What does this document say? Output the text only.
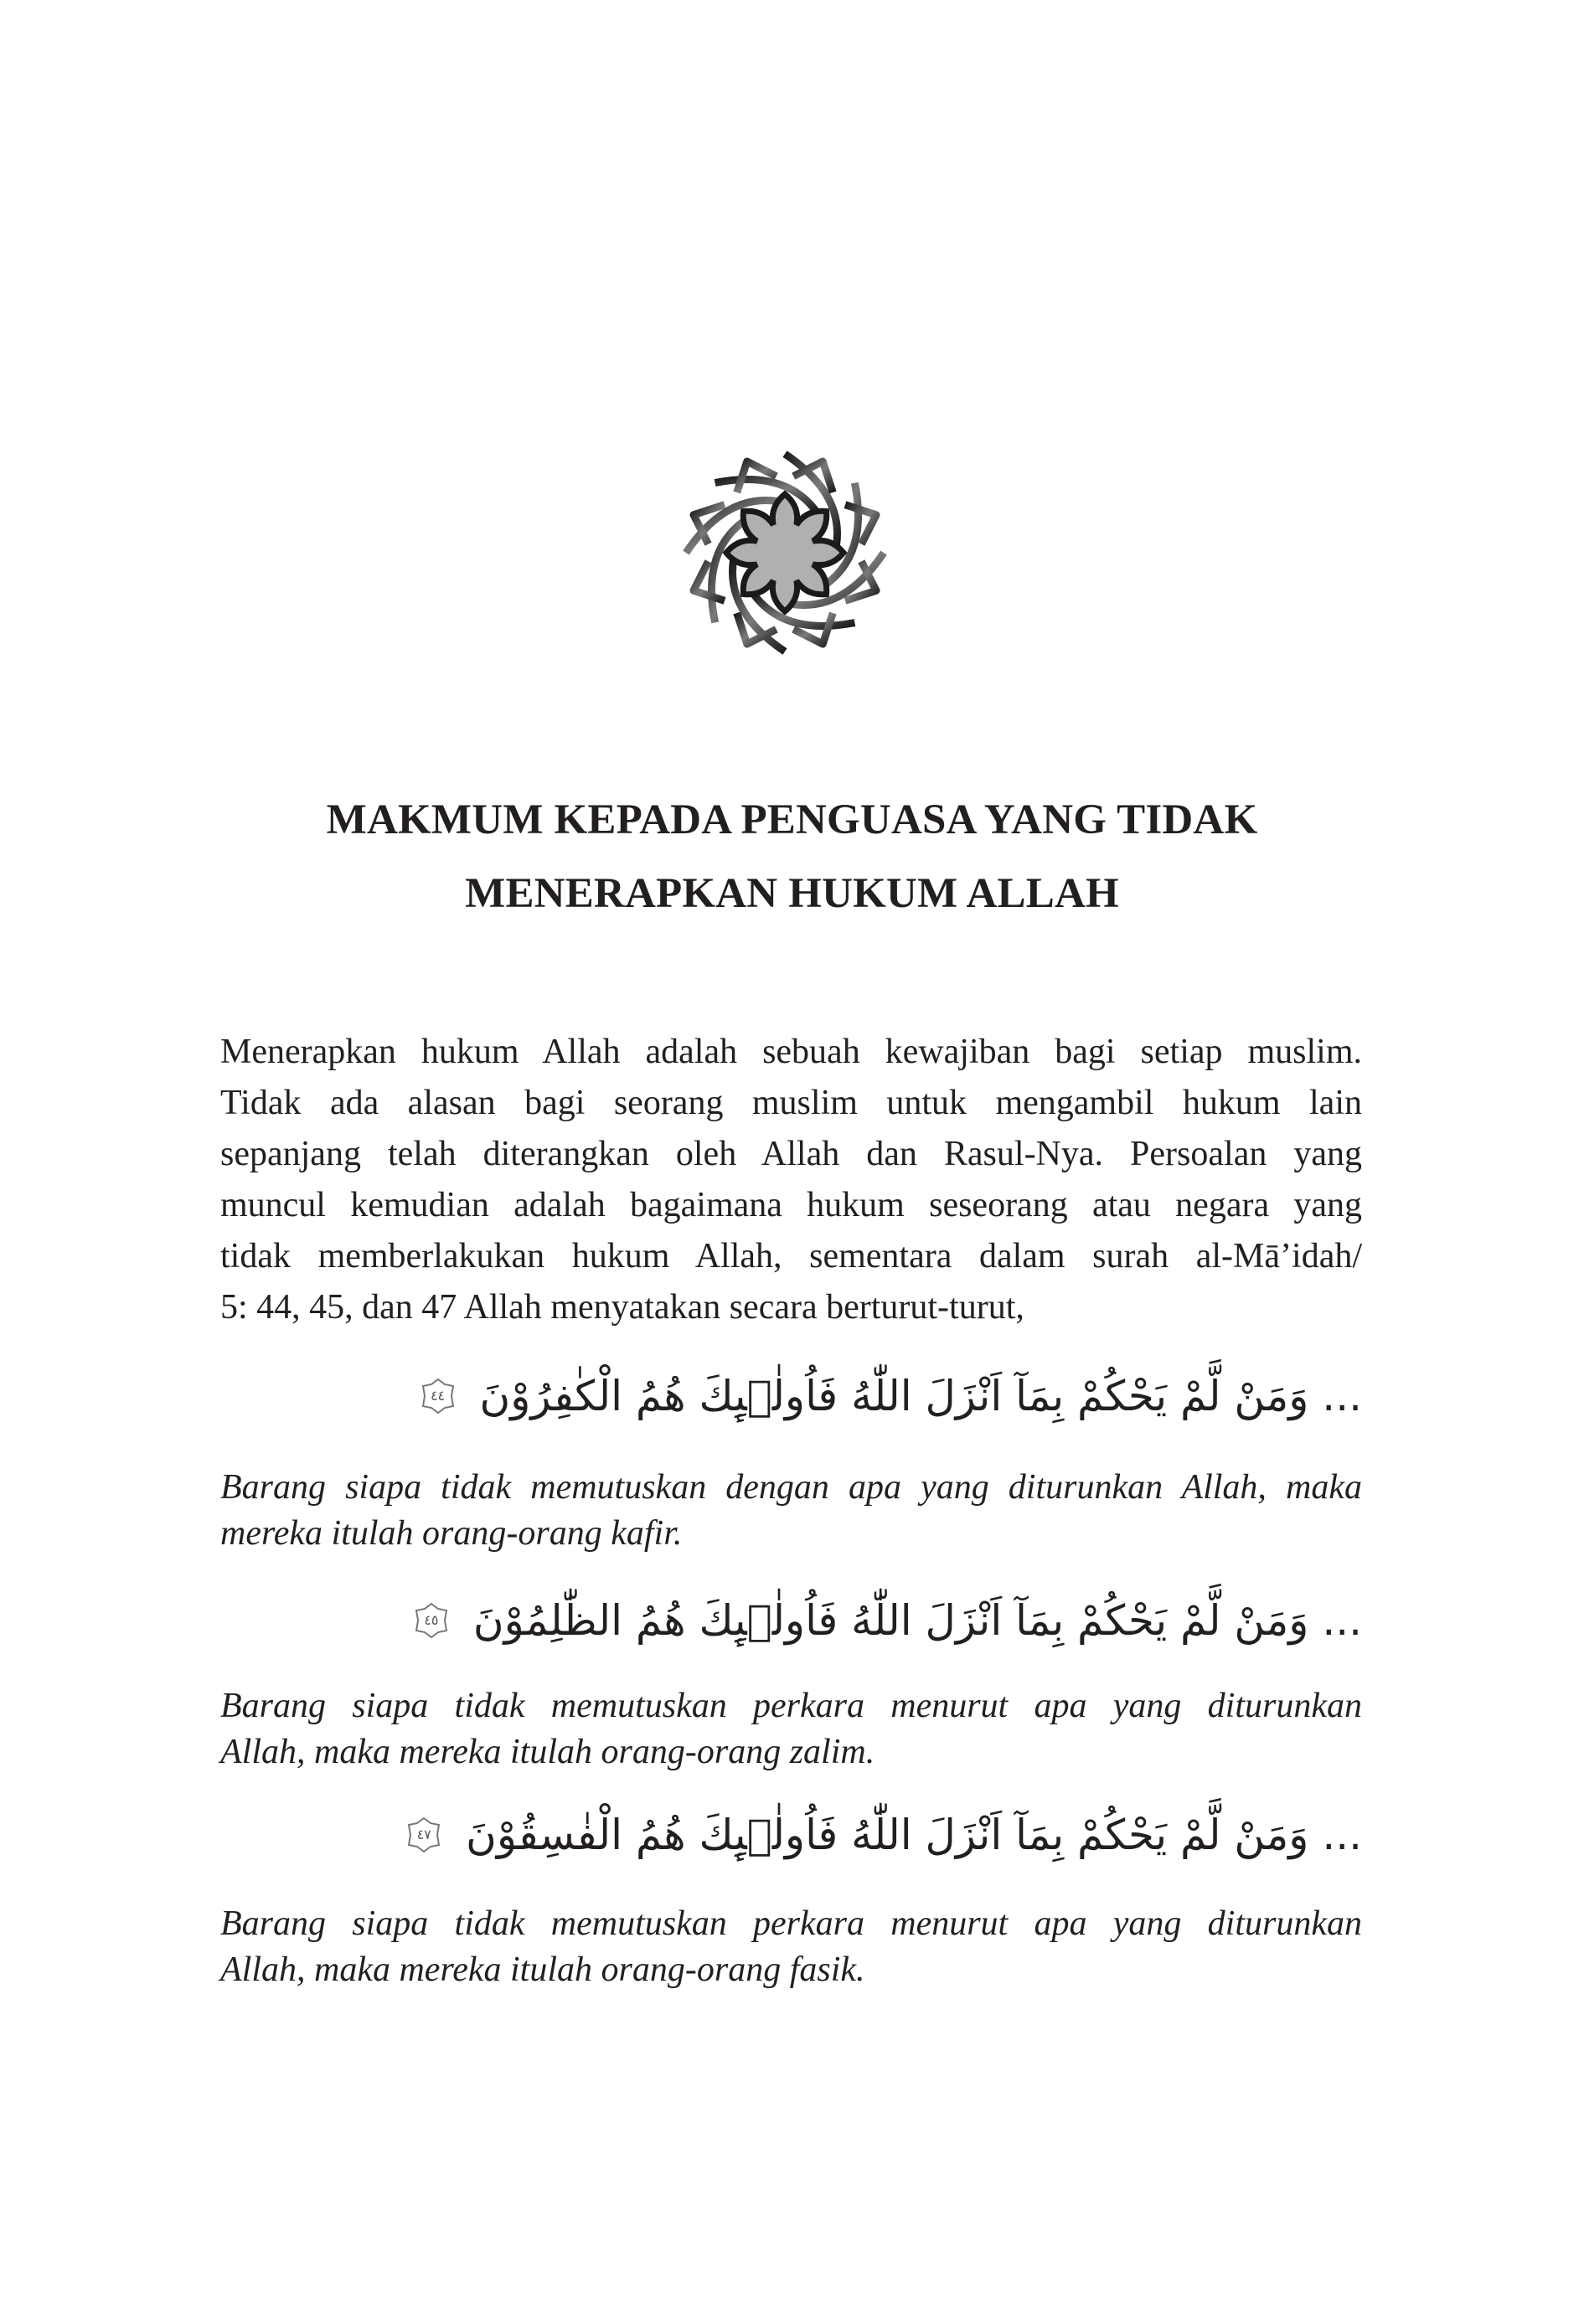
MAKMUM KEPADA PENGUASA YANG TIDAK
MENERAPKAN HUKUM ALLAH
Menerapkan hukum Allah adalah sebuah kewajiban bagi setiap muslim.
Tidak ada alasan bagi seorang muslim untuk mengambil hukum lain
sepanjang telah diterangkan oleh Allah dan Rasul-Nya. Persoalan yang
muncul kemudian adalah bagaimana hukum seseorang atau negara yang
tidak memberlakukan hukum Allah, sementara dalam surah al-Mā’idah/
5: 44, 45, dan 47 Allah menyatakan secara berturut-turut,
... وَمَنْ لَّمْ يَحْكُمْ بِمَآ اَنْزَلَ اللّٰهُ فَاُولٰۤىِٕكَ هُمُ الْكٰفِرُوْنَ
٤٤
Barang siapa tidak memutuskan dengan apa yang diturunkan Allah, maka
mereka itulah orang-orang kafir.
... وَمَنْ لَّمْ يَحْكُمْ بِمَآ اَنْزَلَ اللّٰهُ فَاُولٰۤىِٕكَ هُمُ الظّٰلِمُوْنَ
٤٥
Barang siapa tidak memutuskan perkara menurut apa yang diturunkan
Allah, maka mereka itulah orang-orang zalim.
... وَمَنْ لَّمْ يَحْكُمْ بِمَآ اَنْزَلَ اللّٰهُ فَاُولٰۤىِٕكَ هُمُ الْفٰسِقُوْنَ
٤٧
Barang siapa tidak memutuskan perkara menurut apa yang diturunkan
Allah, maka mereka itulah orang-orang fasik.
